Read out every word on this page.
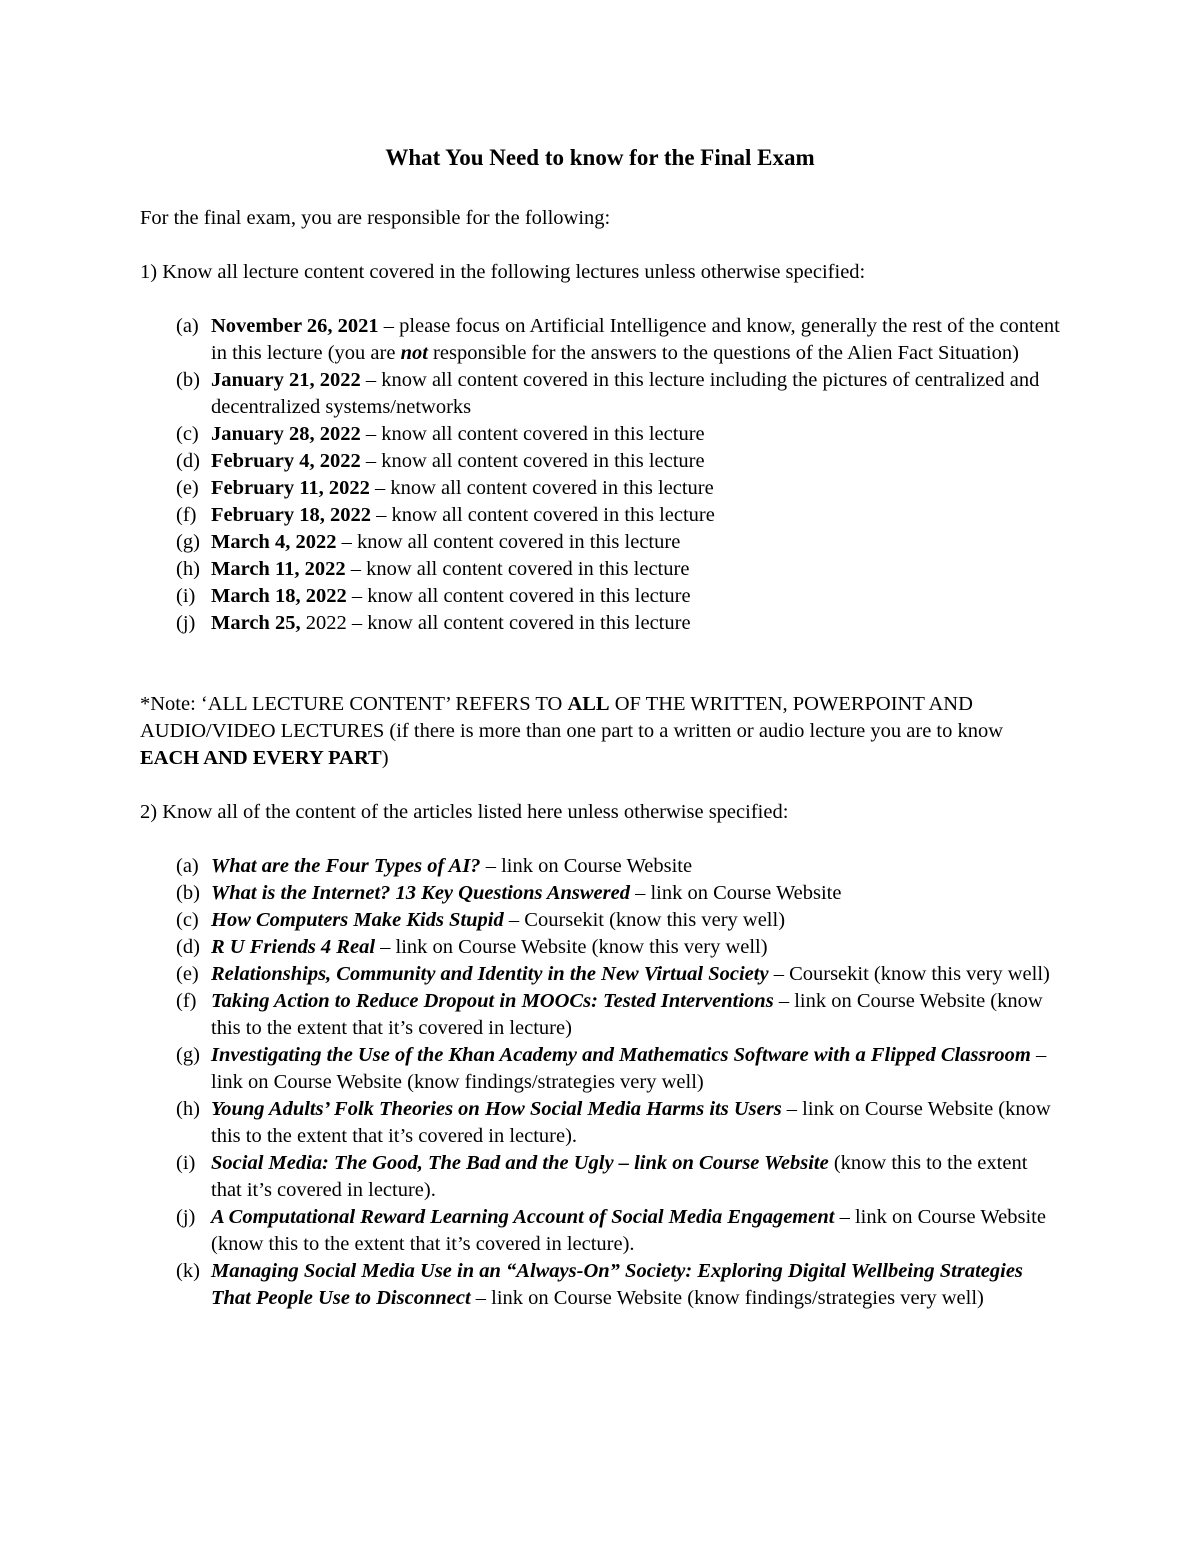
What You Need to know for the Final Exam
For the final exam, you are responsible for the following:
1) Know all lecture content covered in the following lectures unless otherwise specified:
(a) November 26, 2021 – please focus on Artificial Intelligence and know, generally the rest of the content in this lecture (you are not responsible for the answers to the questions of the Alien Fact Situation)
(b) January 21, 2022 – know all content covered in this lecture including the pictures of centralized and decentralized systems/networks
(c) January 28, 2022 – know all content covered in this lecture
(d) February 4, 2022 – know all content covered in this lecture
(e) February 11, 2022 – know all content covered in this lecture
(f) February 18, 2022 – know all content covered in this lecture
(g) March 4, 2022 – know all content covered in this lecture
(h) March 11, 2022 – know all content covered in this lecture
(i) March 18, 2022 – know all content covered in this lecture
(j) March 25, 2022 – know all content covered in this lecture
*Note: ‘ALL LECTURE CONTENT’ REFERS TO ALL OF THE WRITTEN, POWERPOINT AND AUDIO/VIDEO LECTURES (if there is more than one part to a written or audio lecture you are to know EACH AND EVERY PART)
2) Know all of the content of the articles listed here unless otherwise specified:
(a) What are the Four Types of AI? – link on Course Website
(b) What is the Internet? 13 Key Questions Answered – link on Course Website
(c) How Computers Make Kids Stupid – Coursekit (know this very well)
(d) R U Friends 4 Real – link on Course Website (know this very well)
(e) Relationships, Community and Identity in the New Virtual Society – Coursekit (know this very well)
(f) Taking Action to Reduce Dropout in MOOCs: Tested Interventions – link on Course Website (know this to the extent that it’s covered in lecture)
(g) Investigating the Use of the Khan Academy and Mathematics Software with a Flipped Classroom – link on Course Website (know findings/strategies very well)
(h) Young Adults’ Folk Theories on How Social Media Harms its Users – link on Course Website (know this to the extent that it’s covered in lecture).
(i) Social Media: The Good, The Bad and the Ugly – link on Course Website (know this to the extent that it’s covered in lecture).
(j) A Computational Reward Learning Account of Social Media Engagement – link on Course Website (know this to the extent that it’s covered in lecture).
(k) Managing Social Media Use in an “Always-On” Society: Exploring Digital Wellbeing Strategies That People Use to Disconnect – link on Course Website (know findings/strategies very well)
